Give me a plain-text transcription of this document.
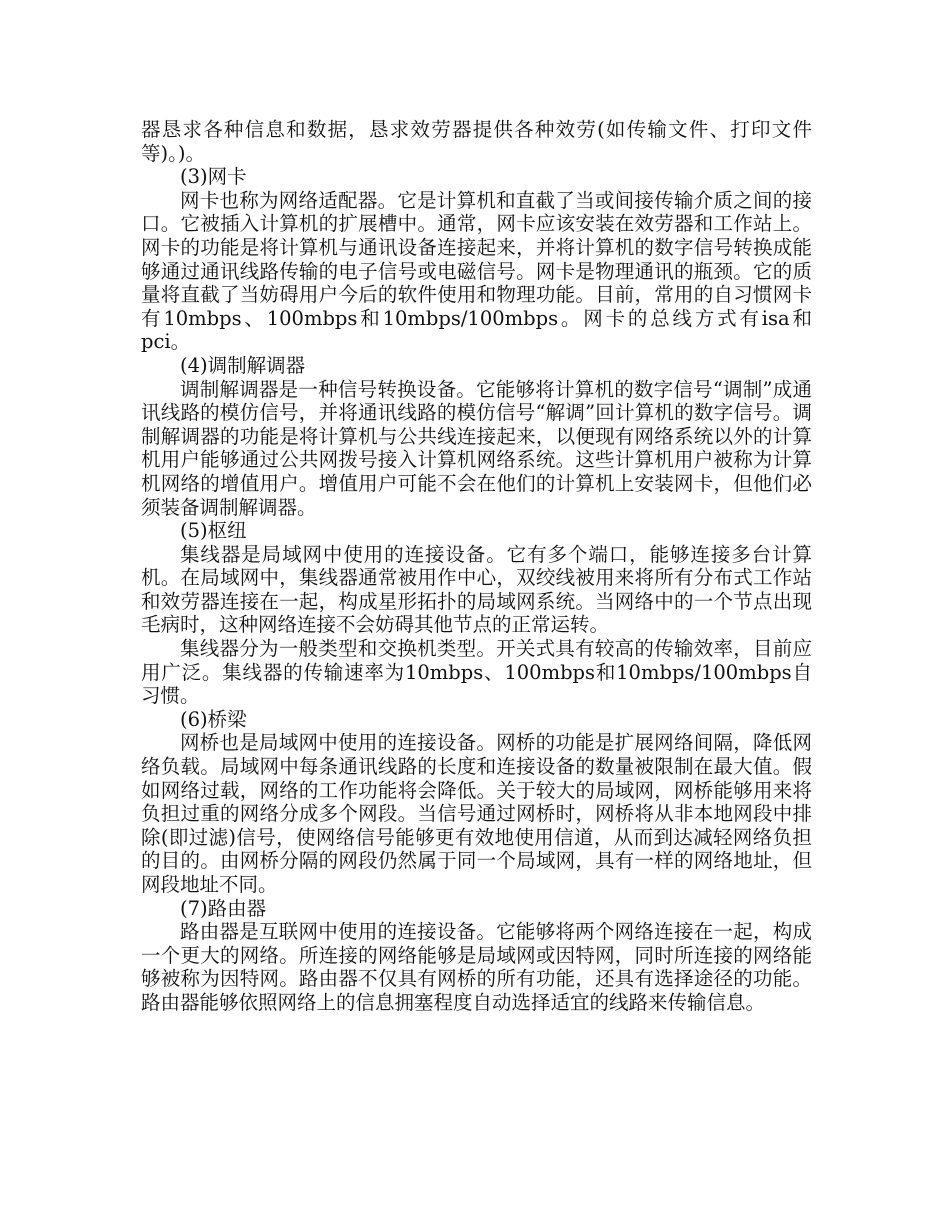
器恳求各种信息和数据，恳求效劳器提供各种效劳(如传输文件、打印文件等)。)。

(3)网卡

网卡也称为网络适配器。它是计算机和直截了当或间接传输介质之间的接口。它被插入计算机的扩展槽中。通常，网卡应该安装在效劳器和工作站上。网卡的功能是将计算机与通讯设备连接起来，并将计算机的数字信号转换成能够通过通讯线路传输的电子信号或电磁信号。网卡是物理通讯的瓶颈。它的质量将直截了当妨碍用户今后的软件使用和物理功能。目前，常用的自习惯网卡有10mbps、100mbps和10mbps/100mbps。网卡的总线方式有isa和pci。

(4)调制解调器

调制解调器是一种信号转换设备。它能够将计算机的数字信号“调制”成通讯线路的模仿信号，并将通讯线路的模仿信号“解调”回计算机的数字信号。调制解调器的功能是将计算机与公共线连接起来，以便现有网络系统以外的计算机用户能够通过公共网拨号接入计算机网络系统。这些计算机用户被称为计算机网络的增值用户。增值用户可能不会在他们的计算机上安装网卡，但他们必须装备调制解调器。

(5)枢纽

集线器是局域网中使用的连接设备。它有多个端口，能够连接多台计算机。在局域网中，集线器通常被用作中心，双绞线被用来将所有分布式工作站和效劳器连接在一起，构成星形拓扑的局域网系统。当网络中的一个节点出现毛病时，这种网络连接不会妨碍其他节点的正常运转。

集线器分为一般类型和交换机类型。开关式具有较高的传输效率，目前应用广泛。集线器的传输速率为10mbps、100mbps和10mbps/100mbps自习惯。

(6)桥梁

网桥也是局域网中使用的连接设备。网桥的功能是扩展网络间隔，降低网络负载。局域网中每条通讯线路的长度和连接设备的数量被限制在最大值。假如网络过载，网络的工作功能将会降低。关于较大的局域网，网桥能够用来将负担过重的网络分成多个网段。当信号通过网桥时，网桥将从非本地网段中排除(即过滤)信号，使网络信号能够更有效地使用信道，从而到达减轻网络负担的目的。由网桥分隔的网段仍然属于同一个局域网，具有一样的网络地址，但网段地址不同。

(7)路由器

路由器是互联网中使用的连接设备。它能够将两个网络连接在一起，构成一个更大的网络。所连接的网络能够是局域网或因特网，同时所连接的网络能够被称为因特网。路由器不仅具有网桥的所有功能，还具有选择途径的功能。路由器能够依照网络上的信息拥塞程度自动选择适宜的线路来传输信息。
